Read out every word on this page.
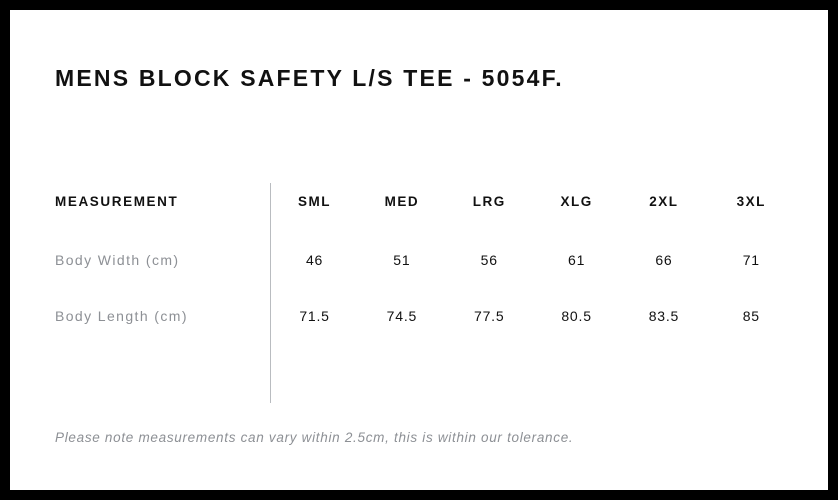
MENS BLOCK SAFETY L/S TEE - 5054F.
MEASUREMENT	SML	MED	LRG	XLG	2XL	3XL
Body Width (cm)	46	51	56	61	66	71
Body Length (cm)	71.5	74.5	77.5	80.5	83.5	85
Please note measurements can vary within 2.5cm, this is within our tolerance.
